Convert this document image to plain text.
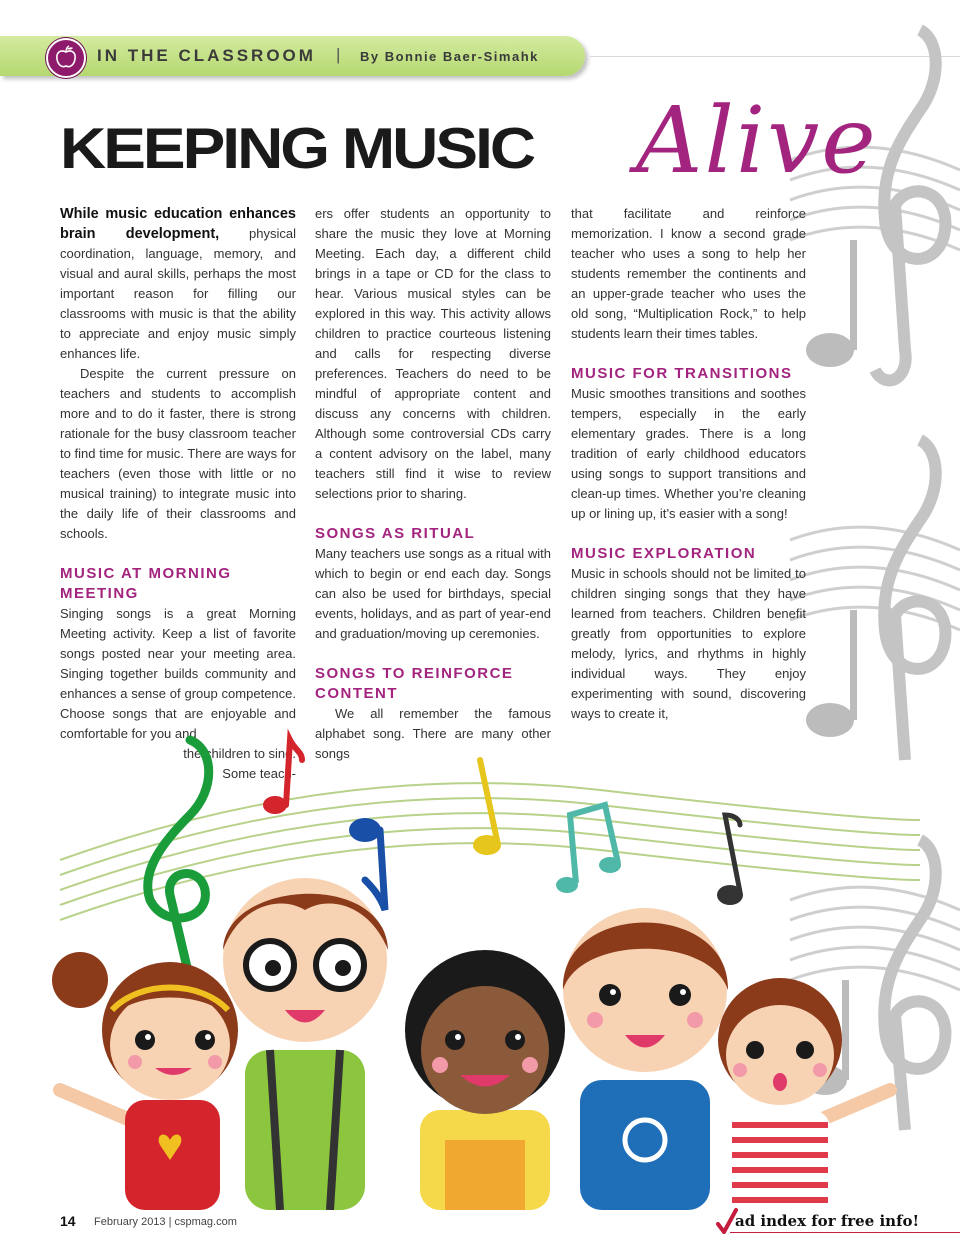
IN THE CLASSROOM | By Bonnie Baer-Simahk
KEEPING MUSIC Alive

While music education enhances brain development, physical coordination, language, memory, and visual and aural skills, perhaps the most important reason for filling our classrooms with music is that the ability to appreciate and enjoy music simply enhances life.

Despite the current pressure on teachers and students to accomplish more and to do it faster, there is strong rationale for the busy classroom teacher to find time for music. There are ways for teachers (even those with little or no musical training) to integrate music into the daily life of their classrooms and schools.

MUSIC AT MORNING MEETING

Singing songs is a great Morning Meeting activity. Keep a list of favorite songs posted near your meeting area. Singing together builds community and enhances a sense of group competence. Choose songs that are enjoyable and comfortable for you and

the children to sing.

Some teach-

ers offer students an opportunity to share the music they love at Morning Meeting. Each day, a different child brings in a tape or CD for the class to hear. Various musical styles can be explored in this way. This activity allows children to practice courteous listening and calls for respecting diverse preferences. Teachers do need to be mindful of appropriate content and discuss any concerns with children. Although some controversial CDs carry a content advisory on the label, many teachers still find it wise to review selections prior to sharing.

SONGS AS RITUAL

Many teachers use songs as a ritual with which to begin or end each day. Songs can also be used for birthdays, special events, holidays, and as part of year-end and graduation/moving up ceremonies.

SONGS TO REINFORCE CONTENT

We all remember the famous alphabet song. There are many other songs

that facilitate and reinforce memorization. I know a second grade teacher who uses a song to help her students remember the continents and an upper-grade teacher who uses the old song, “Multiplication Rock,” to help students learn their times tables.

MUSIC FOR TRANSITIONS

Music smoothes transitions and soothes tempers, especially in the early elementary grades. There is a long tradition of early childhood educators using songs to support transitions and clean-up times. Whether you’re cleaning up or lining up, it’s easier with a song!

MUSIC EXPLORATION

Music in schools should not be limited to children singing songs that they have learned from teachers. Children benefit greatly from opportunities to explore melody, lyrics, and rhythms in highly individual ways. They enjoy experimenting with sound, discovering ways to create it,

14 February 2013 | cspmag.com	ad index for free info!
